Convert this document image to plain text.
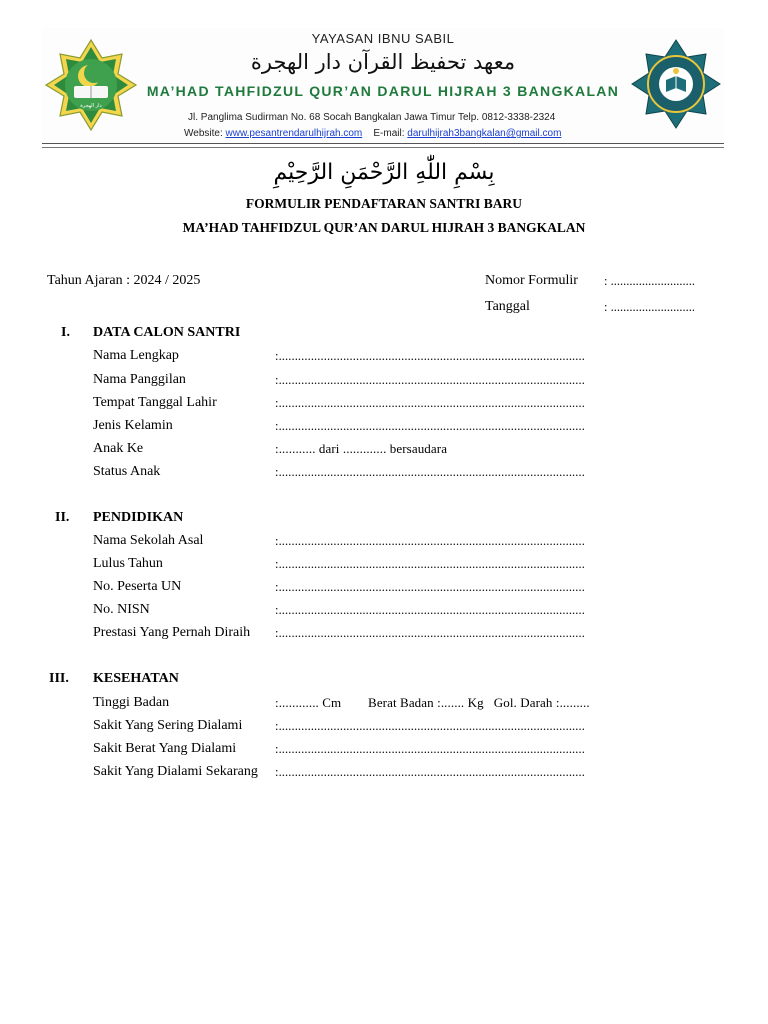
دار الهجرة
YAYASAN IBNU SABIL
معهد تحفيظ القرآن دار الهجرة
MA’HAD TAHFIDZUL QUR’AN DARUL HIJRAH 3 BANGKALAN
Jl. Panglima Sudirman No. 68 Socah Bangkalan Jawa Timur Telp. 0812-3338-2324
Website: www.pesantrendarulhijrah.com E-mail: darulhijrah3bangkalan@gmail.com
بِسْمِ اللّٰهِ الرَّحْمَنِ الرَّحِيْمِ
FORMULIR PENDAFTARAN SANTRI BARU
MA’HAD TAHFIDZUL QUR’AN DARUL HIJRAH 3 BANGKALAN
Tahun Ajaran : 2024 / 2025	Nomor Formulir : ...........................
Tanggal	: ...........................
I. DATA CALON SANTRI
Nama Lengkap	:...............................................................................................
Nama Panggilan	:...............................................................................................
Tempat Tanggal Lahir	:...............................................................................................
Jenis Kelamin	:...............................................................................................
Anak Ke	:........... dari ............. bersaudara
Status Anak	:...............................................................................................
II. PENDIDIKAN
Nama Sekolah Asal	:...............................................................................................
Lulus Tahun	:...............................................................................................
No. Peserta UN	:...............................................................................................
No. NISN	:...............................................................................................
Prestasi Yang Pernah Diraih :...............................................................................................
III. KESEHATAN
Tinggi Badan	:............ Cm        Berat Badan :....... Kg   Gol. Darah :.........
Sakit Yang Sering Dialami	:...............................................................................................
Sakit Berat Yang Dialami	:...............................................................................................
Sakit Yang Dialami Sekarang :...............................................................................................
